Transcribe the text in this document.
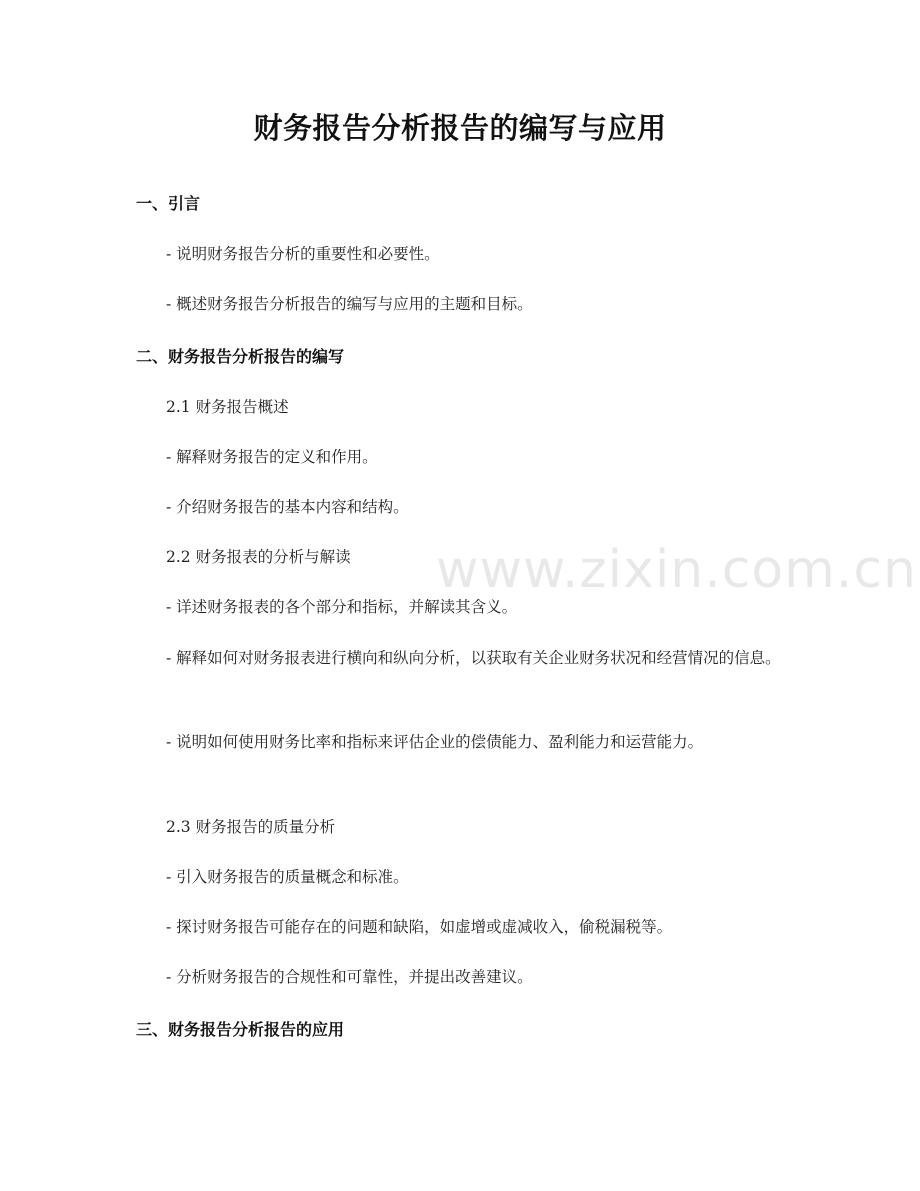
www.zixin.com.cn
财务报告分析报告的编写与应用
一、引言
- 说明财务报告分析的重要性和必要性。
- 概述财务报告分析报告的编写与应用的主题和目标。
二、财务报告分析报告的编写
2.1 财务报告概述
- 解释财务报告的定义和作用。
- 介绍财务报告的基本内容和结构。
2.2 财务报表的分析与解读
- 详述财务报表的各个部分和指标，并解读其含义。
- 解释如何对财务报表进行横向和纵向分析，以获取有关企业财务状况和经营情况的信息。
- 说明如何使用财务比率和指标来评估企业的偿债能力、盈利能力和运营能力。
2.3 财务报告的质量分析
- 引入财务报告的质量概念和标准。
- 探讨财务报告可能存在的问题和缺陷，如虚增或虚减收入，偷税漏税等。
- 分析财务报告的合规性和可靠性，并提出改善建议。
三、财务报告分析报告的应用
